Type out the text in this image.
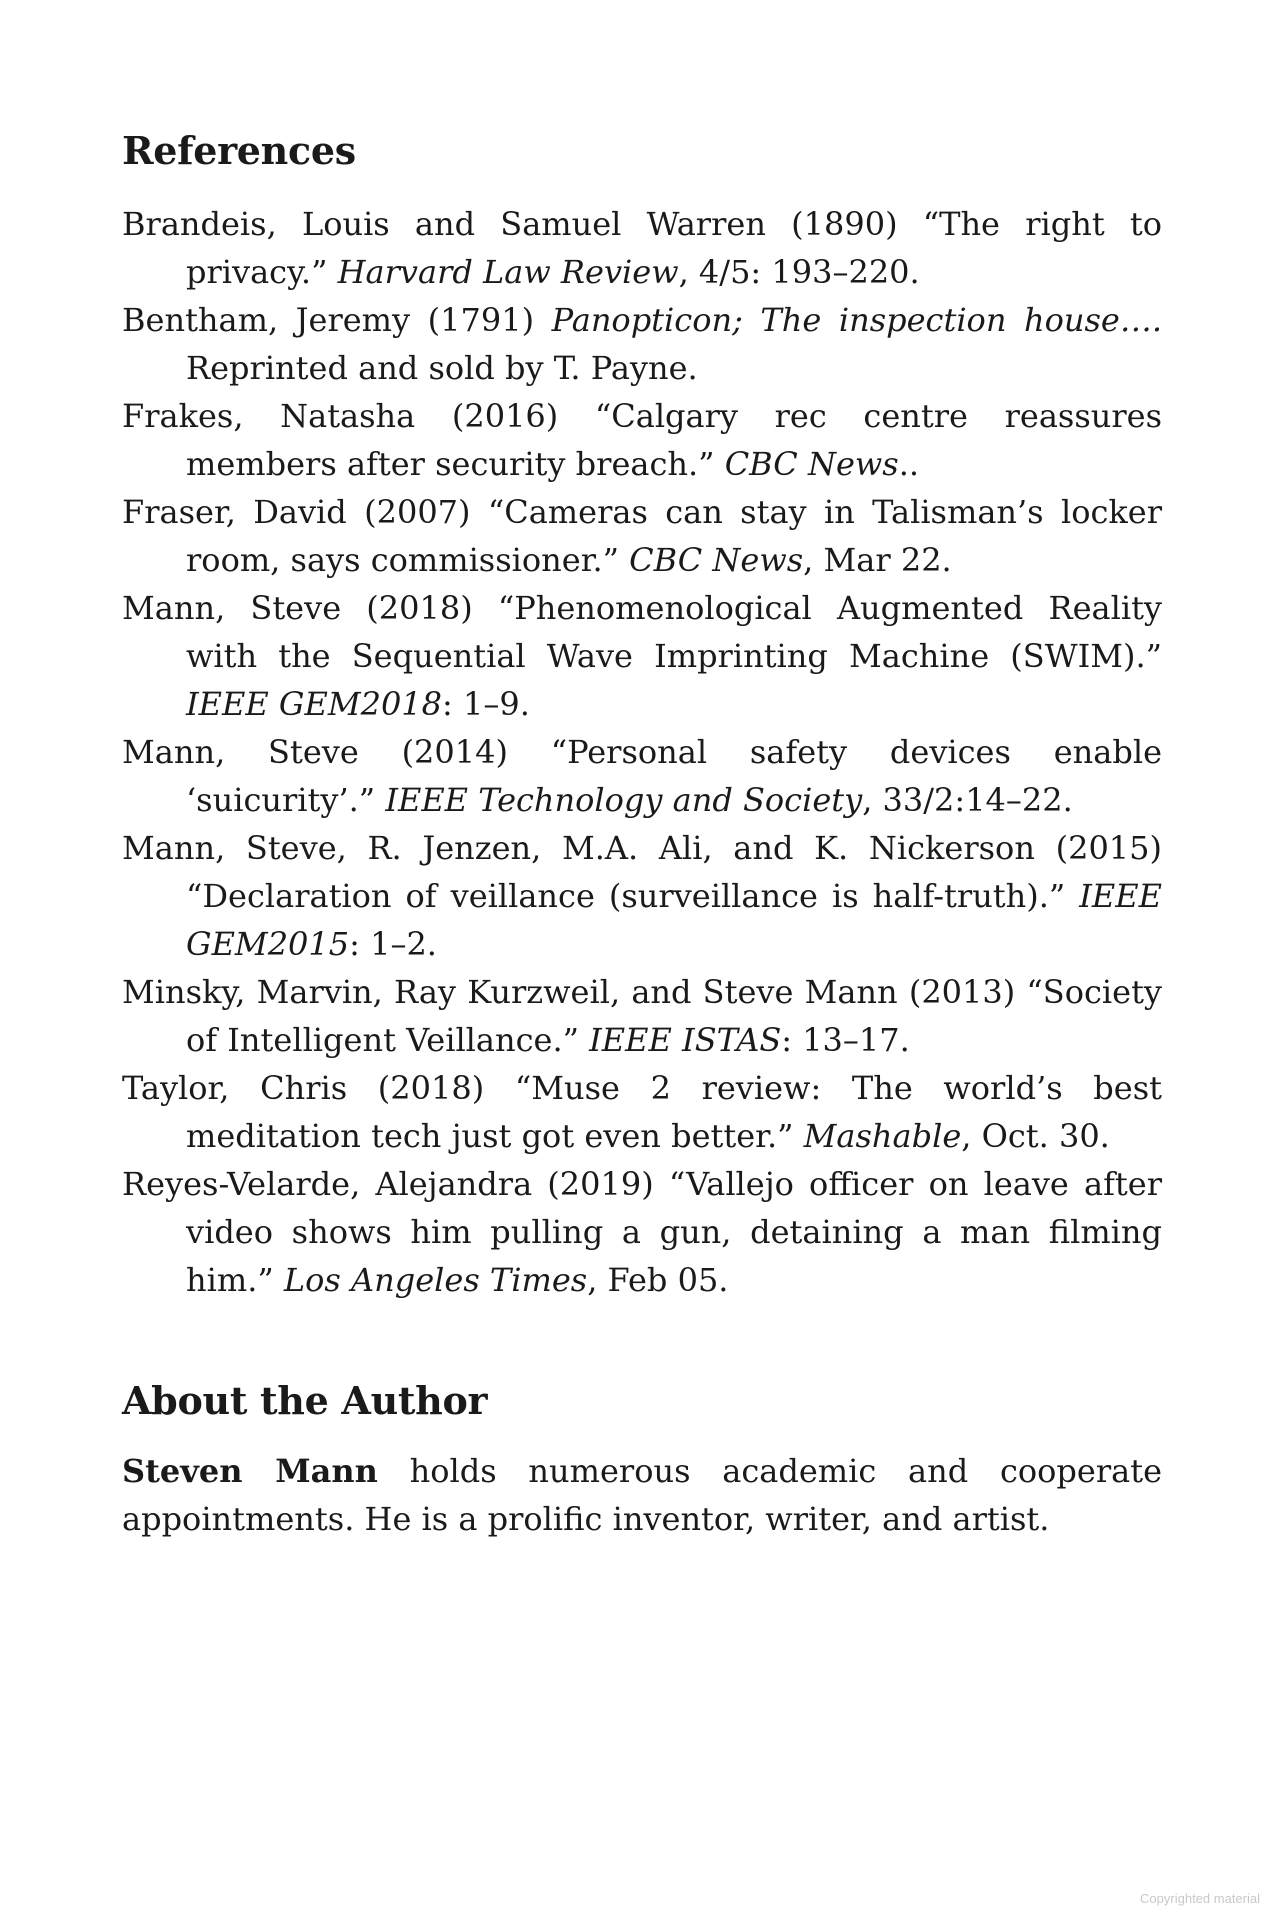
References

Brandeis, Louis and Samuel Warren (1890) “The right to privacy.” Harvard Law Review, 4/5: 193–220.

Bentham, Jeremy (1791) Panopticon; The inspection house…. Reprinted and sold by T. Payne.

Frakes, Natasha (2016) “Calgary rec centre reassures members after security breach.” CBC News..

Fraser, David (2007) “Cameras can stay in Talisman’s locker room, says commissioner.” CBC News, Mar 22.

Mann, Steve (2018) “Phenomenological Augmented Reality with the Sequential Wave Imprinting Machine (SWIM).” IEEE GEM2018: 1–9.

Mann, Steve (2014) “Personal safety devices enable ‘suicurity’.” IEEE Technology and Society, 33/2:14–22.

Mann, Steve, R. Jenzen, M.A. Ali, and K. Nickerson (2015) “Declaration of veillance (surveillance is half-truth).” IEEE GEM2015: 1–2.

Minsky, Marvin, Ray Kurzweil, and Steve Mann (2013) “Society of Intelligent Veillance.” IEEE ISTAS: 13–17.

Taylor, Chris (2018) “Muse 2 review: The world’s best meditation tech just got even better.” Mashable, Oct. 30.

Reyes-Velarde, Alejandra (2019) “Vallejo officer on leave after video shows him pulling a gun, detaining a man filming him.” Los Angeles Times, Feb 05.

About the Author

Steven Mann holds numerous academic and cooperate appointments. He is a prolific inventor, writer, and artist.

Copyrighted material
